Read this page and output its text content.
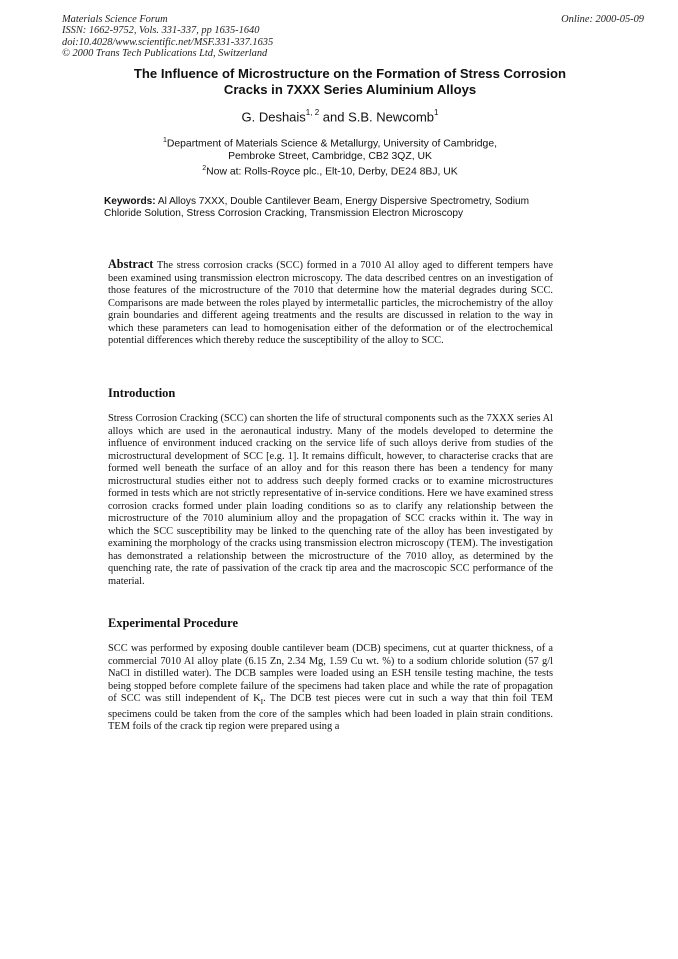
Materials Science Forum
ISSN: 1662-9752, Vols. 331-337, pp 1635-1640
doi:10.4028/www.scientific.net/MSF.331-337.1635
© 2000 Trans Tech Publications Ltd, Switzerland
Online: 2000-05-09
The Influence of Microstructure on the Formation of Stress Corrosion
Cracks in 7XXX Series Aluminium Alloys
G. Deshais$^{1, 2}$ and S.B. Newcomb$^1$
$^1$Department of Materials Science & Metallurgy, University of Cambridge,
Pembroke Street, Cambridge, CB2 3QZ, UK
$^2$Now at: Rolls-Royce plc., Elt-10, Derby, DE24 8BJ, UK
Keywords: Al Alloys 7XXX, Double Cantilever Beam, Energy Dispersive Spectrometry, Sodium Chloride Solution, Stress Corrosion Cracking, Transmission Electron Microscopy
Abstract The stress corrosion cracks (SCC) formed in a 7010 Al alloy aged to different tempers have been examined using transmission electron microscopy. The data described centres on an investigation of those features of the microstructure of the 7010 that determine how the material degrades during SCC. Comparisons are made between the roles played by intermetallic particles, the microchemistry of the alloy grain boundaries and different ageing treatments and the results are discussed in relation to the way in which these parameters can lead to homogenisation either of the deformation or of the electrochemical potential differences which thereby reduce the susceptibility of the alloy to SCC.
Introduction
Stress Corrosion Cracking (SCC) can shorten the life of structural components such as the 7XXX series Al alloys which are used in the aeronautical industry. Many of the models developed to determine the influence of environment induced cracking on the service life of such alloys derive from studies of the microstructural development of SCC [e.g. 1]. It remains difficult, however, to characterise cracks that are formed well beneath the surface of an alloy and for this reason there has been a tendency for many microstructural studies either not to address such deeply formed cracks or to examine microstructures formed in tests which are not strictly representative of in-service conditions. Here we have examined stress corrosion cracks formed under plain loading conditions so as to clarify any relationship between the microstructure of the 7010 aluminium alloy and the propagation of SCC cracks within it. The way in which the SCC susceptibility may be linked to the quenching rate of the alloy has been investigated by examining the morphology of the cracks using transmission electron microscopy (TEM). The investigation has demonstrated a relationship between the microstructure of the 7010 alloy, as determined by the quenching rate, the rate of passivation of the crack tip area and the macroscopic SCC performance of the material.
Experimental Procedure
SCC was performed by exposing double cantilever beam (DCB) specimens, cut at quarter thickness, of a commercial 7010 Al alloy plate (6.15 Zn, 2.34 Mg, 1.59 Cu wt. %) to a sodium chloride solution (57 g/l NaCl in distilled water). The DCB samples were loaded using an ESH tensile testing machine, the tests being stopped before complete failure of the specimens had taken place and while the rate of propagation of SCC was still independent of $K_I$. The DCB test pieces were cut in such a way that thin foil TEM specimens could be taken from the core of the samples which had been loaded in plain strain conditions. TEM foils of the crack tip region were prepared using a
